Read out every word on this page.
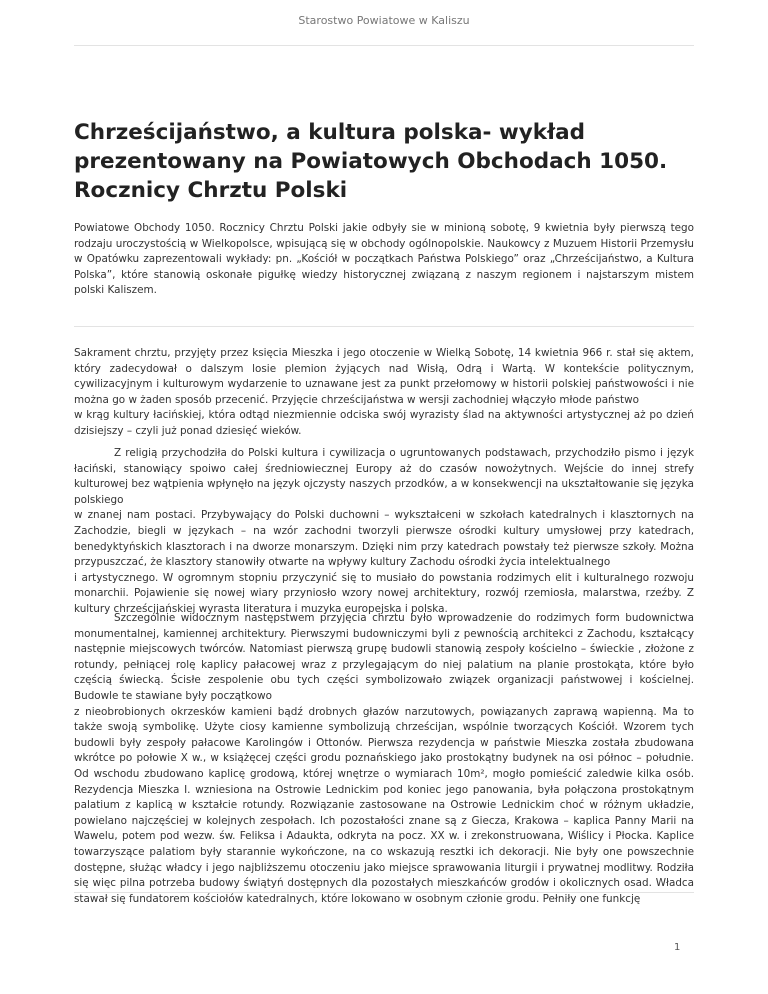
Starostwo Powiatowe w Kaliszu
Chrześcijaństwo, a kultura polska- wykład prezentowany na Powiatowych Obchodach 1050. Rocznicy Chrztu Polski

Powiatowe Obchody 1050. Rocznicy Chrztu Polski jakie odbyły sie w minioną sobotę, 9 kwietnia były pierwszą tego rodzaju uroczystością w Wielkopolsce, wpisującą się w obchody ogólnopolskie. Naukowcy z Muzuem Historii Przemysłu w Opatówku zaprezentowali wykłady: pn. „Kościół w początkach Państwa Polskiego” oraz „Chrześcijaństwo, a Kultura Polska”, które stanowią oskonałe pigułkę wiedzy historycznej związaną z naszym regionem i najstarszym mistem polski Kaliszem.

Sakrament chrztu, przyjęty przez księcia Mieszka i jego otoczenie w Wielką Sobotę, 14 kwietnia 966 r. stał się aktem, który zadecydował o dalszym losie plemion żyjących nad Wisłą, Odrą i Wartą. W kontekście politycznym, cywilizacyjnym i kulturowym wydarzenie to uznawane jest za punkt przełomowy w historii polskiej państwowości i nie można go w żaden sposób przecenić. Przyjęcie chrześcijaństwa w wersji zachodniej włączyło młode państwo

w krąg kultury łacińskiej, która odtąd niezmiennie odciska swój wyrazisty ślad na aktywności artystycznej aż po dzień dzisiejszy – czyli już ponad dziesięć wieków.

Z religią przychodziła do Polski kultura i cywilizacja o ugruntowanych podstawach, przychodziło pismo i język łaciński, stanowiący spoiwo całej średniowiecznej Europy aż do czasów nowożytnych. Wejście do innej strefy kulturowej bez wątpienia wpłynęło na język ojczysty naszych przodków, a w konsekwencji na ukształtowanie się języka polskiego

w znanej nam postaci. Przybywający do Polski duchowni – wykształceni w szkołach katedralnych i klasztornych na Zachodzie, biegli w językach – na wzór zachodni tworzyli pierwsze ośrodki kultury umysłowej przy katedrach, benedyktyńskich klasztorach i na dworze monarszym. Dzięki nim przy katedrach powstały też pierwsze szkoły. Można przypuszczać, że klasztory stanowiły otwarte na wpływy kultury Zachodu ośrodki życia intelektualnego

i artystycznego. W ogromnym stopniu przyczynić się to musiało do powstania rodzimych elit i kulturalnego rozwoju monarchii. Pojawienie się nowej wiary przyniosło wzory nowej architektury, rozwój rzemiosła, malarstwa, rzeźby. Z kultury chrześcijańskiej wyrasta literatura i muzyka europejska i polska.

Szczególnie widocznym następstwem przyjęcia chrztu było wprowadzenie do rodzimych form budownictwa monumentalnej, kamiennej architektury. Pierwszymi budowniczymi byli z pewnością architekci z Zachodu, kształcący następnie miejscowych twórców. Natomiast pierwszą grupę budowli stanowią zespoły kościelno – świeckie , złożone z rotundy, pełniącej rolę kaplicy pałacowej wraz z przylegającym do niej palatium na planie prostokąta, które było częścią świecką. Ścisłe zespolenie obu tych części symbolizowało związek organizacji państwowej i kościelnej. Budowle te stawiane były początkowo

z nieobrobionych okrzesków kamieni bądź drobnych głazów narzutowych, powiązanych zaprawą wapienną. Ma to także swoją symbolikę. Użyte ciosy kamienne symbolizują chrześcijan, wspólnie tworzących Kościół. Wzorem tych budowli były zespoły pałacowe Karolingów i Ottonów. Pierwsza rezydencja w państwie Mieszka została zbudowana wkrótce po połowie X w., w książęcej części grodu poznańskiego jako prostokątny budynek na osi północ – południe. Od wschodu zbudowano kaplicę grodową, której wnętrze o wymiarach 10m², mogło pomieścić zaledwie kilka osób. Rezydencja Mieszka I. wzniesiona na Ostrowie Lednickim pod koniec jego panowania, była połączona prostokątnym palatium z kaplicą w kształcie rotundy. Rozwiązanie zastosowane na Ostrowie Lednickim choć w różnym układzie, powielano najczęściej w kolejnych zespołach. Ich pozostałości znane są z Giecza, Krakowa – kaplica Panny Marii na Wawelu, potem pod wezw. św. Feliksa i Adaukta, odkryta na pocz. XX w. i zrekonstruowana, Wiślicy i Płocka. Kaplice towarzyszące palatiom były starannie wykończone, na co wskazują resztki ich dekoracji. Nie były one powszechnie dostępne, służąc władcy i jego najbliższemu otoczeniu jako miejsce sprawowania liturgii i prywatnej modlitwy. Rodziła się więc pilna potrzeba budowy świątyń dostępnych dla pozostałych mieszkańców grodów i okolicznych osad. Władca stawał się fundatorem kościołów katedralnych, które lokowano w osobnym członie grodu. Pełniły one funkcję

1
